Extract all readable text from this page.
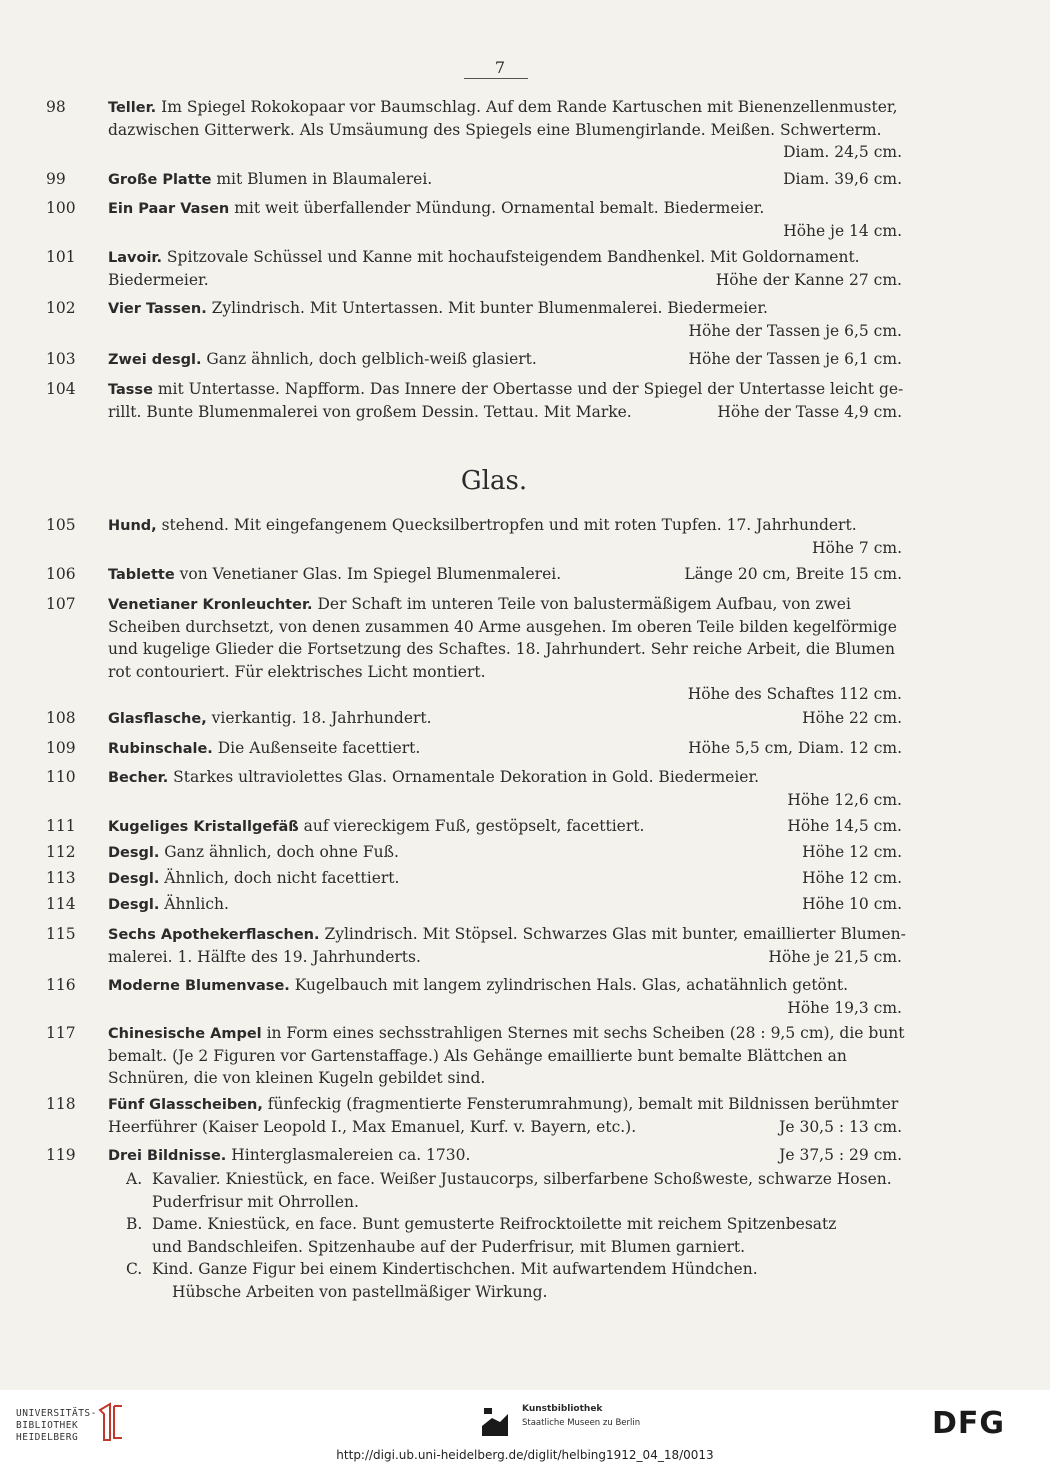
7
98	Teller. Im Spiegel Rokokopaar vor Baumschlag. Auf dem Rande Kartuschen mit Bienenzellenmuster,
dazwischen Gitterwerk. Als Umsäumung des Spiegels eine Blumengirlande. Meißen. Schwerterm.
Diam. 24,5 cm.
99	Große Platte mit Blumen in Blaumalerei.	Diam. 39,6 cm.
100	Ein Paar Vasen mit weit überfallender Mündung. Ornamental bemalt. Biedermeier.
Höhe je 14 cm.
101	Lavoir. Spitzovale Schüssel und Kanne mit hochaufsteigendem Bandhenkel. Mit Goldornament.
Biedermeier.	Höhe der Kanne 27 cm.
102	Vier Tassen. Zylindrisch. Mit Untertassen. Mit bunter Blumenmalerei. Biedermeier.
Höhe der Tassen je 6,5 cm.
103	Zwei desgl. Ganz ähnlich, doch gelblich-weiß glasiert.	Höhe der Tassen je 6,1 cm.
104	Tasse mit Untertasse. Napfform. Das Innere der Obertasse und der Spiegel der Untertasse leicht ge-
rillt. Bunte Blumenmalerei von großem Dessin. Tettau. Mit Marke.	Höhe der Tasse 4,9 cm.
Glas.
105	Hund, stehend. Mit eingefangenem Quecksilbertropfen und mit roten Tupfen. 17. Jahrhundert.
Höhe 7 cm.
106	Tablette von Venetianer Glas. Im Spiegel Blumenmalerei.	Länge 20 cm, Breite 15 cm.
107	Venetianer Kronleuchter. Der Schaft im unteren Teile von balustermäßigem Aufbau, von zwei
Scheiben durchsetzt, von denen zusammen 40 Arme ausgehen. Im oberen Teile bilden kegelförmige
und kugelige Glieder die Fortsetzung des Schaftes. 18. Jahrhundert. Sehr reiche Arbeit, die Blumen
rot contouriert. Für elektrisches Licht montiert.
Höhe des Schaftes 112 cm.
108	Glasflasche, vierkantig. 18. Jahrhundert.	Höhe 22 cm.
109	Rubinschale. Die Außenseite facettiert.	Höhe 5,5 cm, Diam. 12 cm.
110	Becher. Starkes ultraviolettes Glas. Ornamentale Dekoration in Gold. Biedermeier.
Höhe 12,6 cm.
111	Kugeliges Kristallgefäß auf viereckigem Fuß, gestöpselt, facettiert.	Höhe 14,5 cm.
112	Desgl. Ganz ähnlich, doch ohne Fuß.	Höhe 12 cm.
113	Desgl. Ähnlich, doch nicht facettiert.	Höhe 12 cm.
114	Desgl. Ähnlich.	Höhe 10 cm.
115	Sechs Apothekerflaschen. Zylindrisch. Mit Stöpsel. Schwarzes Glas mit bunter, emaillierter Blumen-
malerei. 1. Hälfte des 19. Jahrhunderts.	Höhe je 21,5 cm.
116	Moderne Blumenvase. Kugelbauch mit langem zylindrischen Hals. Glas, achatähnlich getönt.
Höhe 19,3 cm.
117	Chinesische Ampel in Form eines sechsstrahligen Sternes mit sechs Scheiben (28 : 9,5 cm), die bunt
bemalt. (Je 2 Figuren vor Gartenstaffage.) Als Gehänge emaillierte bunt bemalte Blättchen an
Schnüren, die von kleinen Kugeln gebildet sind.
118	Fünf Glasscheiben, fünfeckig (fragmentierte Fensterumrahmung), bemalt mit Bildnissen berühmter
Heerführer (Kaiser Leopold I., Max Emanuel, Kurf. v. Bayern, etc.).	Je 30,5 : 13 cm.
119	Drei Bildnisse. Hinterglasmalereien ca. 1730.	Je 37,5 : 29 cm.
A. Kavalier. Kniestück, en face. Weißer Justaucorps, silberfarbene Schoßweste, schwarze Hosen.
Puderfrisur mit Ohrrollen.
B. Dame. Kniestück, en face. Bunt gemusterte Reifrocktoilette mit reichem Spitzenbesatz
und Bandschleifen. Spitzenhaube auf der Puderfrisur, mit Blumen garniert.
C. Kind. Ganze Figur bei einem Kindertischchen. Mit aufwartendem Hündchen.
Hübsche Arbeiten von pastellmäßiger Wirkung.
UNIVERSITÄTS-
BIBLIOTHEK
HEIDELBERG
Kunstbibliothek
Staatliche Museen zu Berlin	DFG
http://digi.ub.uni-heidelberg.de/diglit/helbing1912_04_18/0013
